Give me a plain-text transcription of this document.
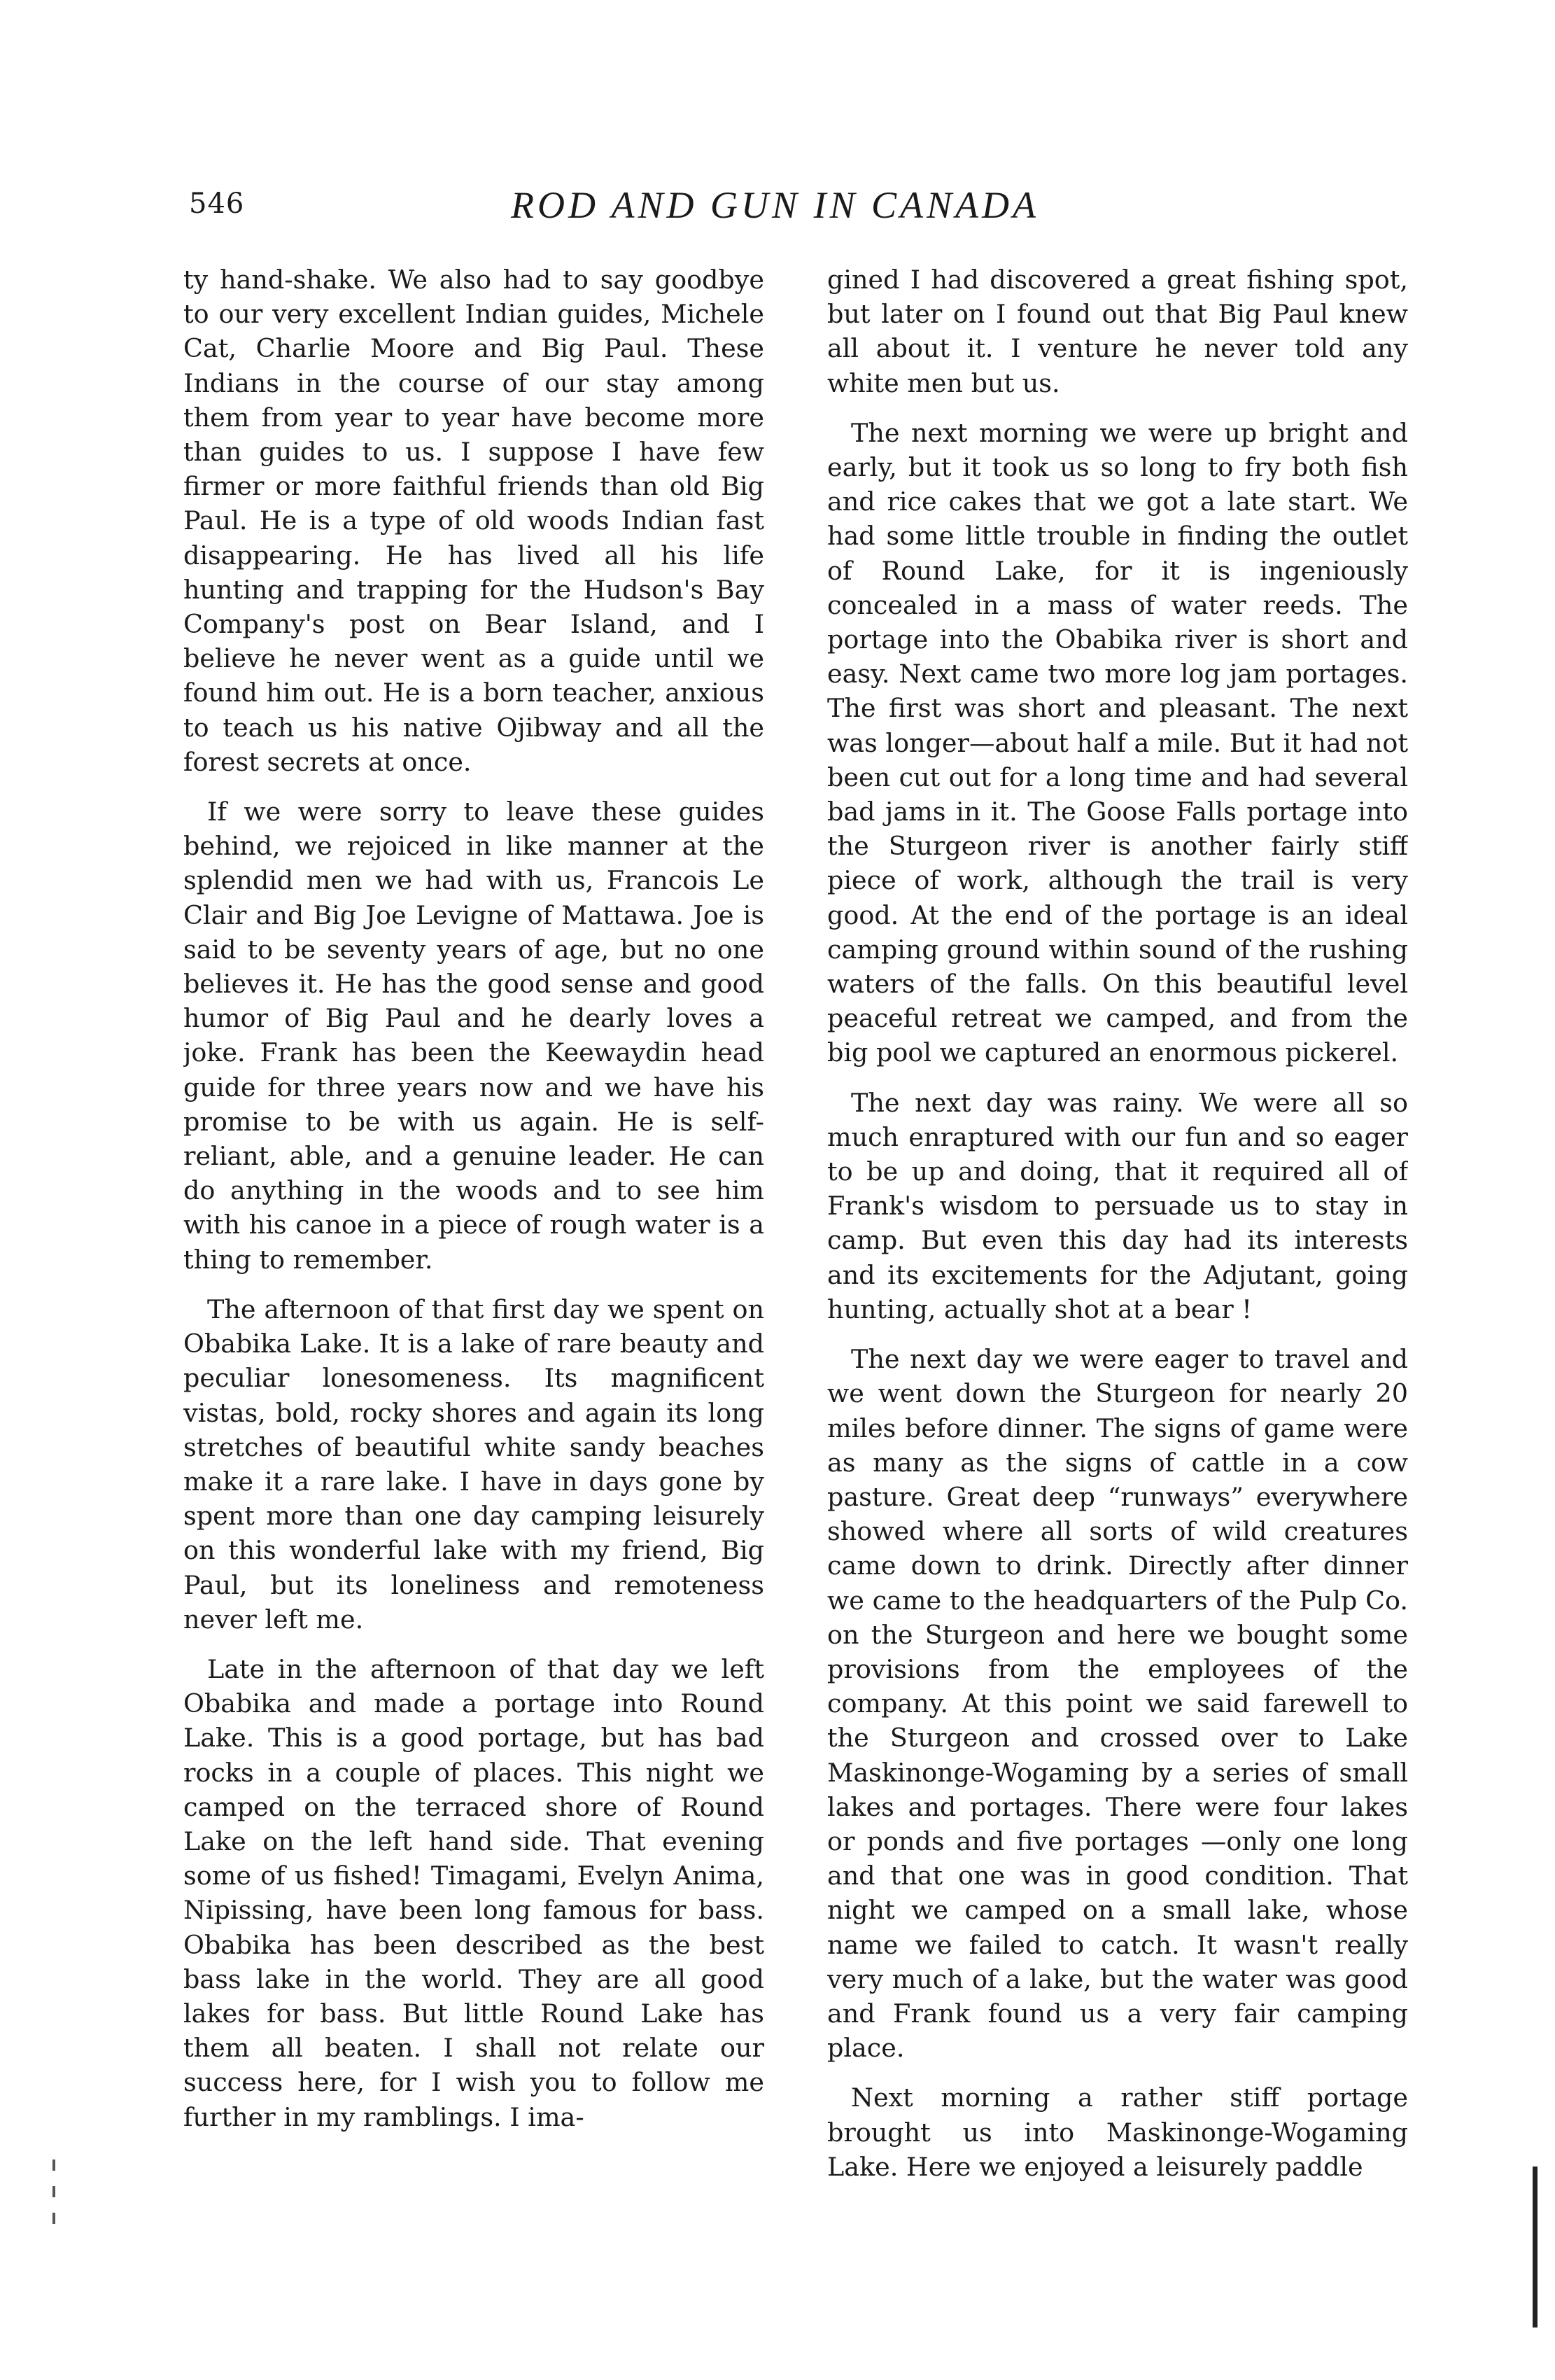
546	ROD AND GUN IN CANADA

ty hand-shake. We also had to say goodbye to our very excellent Indian guides, Michele Cat, Charlie Moore and Big Paul. These Indians in the course of our stay among them from year to year have become more than guides to us. I suppose I have few firmer or more faithful friends than old Big Paul. He is a type of old woods Indian fast disappearing. He has lived all his life hunting and trapping for the Hudson's Bay Company's post on Bear Island, and I believe he never went as a guide until we found him out. He is a born teacher, anxious to teach us his native Ojibway and all the forest secrets at once.

If we were sorry to leave these guides behind, we rejoiced in like manner at the splendid men we had with us, Francois Le Clair and Big Joe Levigne of Mattawa. Joe is said to be seventy years of age, but no one believes it. He has the good sense and good humor of Big Paul and he dearly loves a joke. Frank has been the Keewaydin head guide for three years now and we have his promise to be with us again. He is self-reliant, able, and a genuine leader. He can do anything in the woods and to see him with his canoe in a piece of rough water is a thing to remember.

The afternoon of that first day we spent on Obabika Lake. It is a lake of rare beauty and peculiar lonesomeness. Its magnificent vistas, bold, rocky shores and again its long stretches of beautiful white sandy beaches make it a rare lake. I have in days gone by spent more than one day camping leisurely on this wonderful lake with my friend, Big Paul, but its loneliness and remoteness never left me.

Late in the afternoon of that day we left Obabika and made a portage into Round Lake. This is a good portage, but has bad rocks in a couple of places. This night we camped on the terraced shore of Round Lake on the left hand side. That evening some of us fished! Timagami, Evelyn Anima, Nipissing, have been long famous for bass. Obabika has been described as the best bass lake in the world. They are all good lakes for bass. But little Round Lake has them all beaten. I shall not relate our success here, for I wish you to follow me further in my ramblings. I ima-

gined I had discovered a great fishing spot, but later on I found out that Big Paul knew all about it. I venture he never told any white men but us.

The next morning we were up bright and early, but it took us so long to fry both fish and rice cakes that we got a late start. We had some little trouble in finding the outlet of Round Lake, for it is ingeniously concealed in a mass of water reeds. The portage into the Obabika river is short and easy. Next came two more log jam portages. The first was short and pleasant. The next was longer—about half a mile. But it had not been cut out for a long time and had several bad jams in it. The Goose Falls portage into the Sturgeon river is another fairly stiff piece of work, although the trail is very good. At the end of the portage is an ideal camping ground within sound of the rushing waters of the falls. On this beautiful level peaceful retreat we camped, and from the big pool we captured an enormous pickerel.

The next day was rainy. We were all so much enraptured with our fun and so eager to be up and doing, that it required all of Frank's wisdom to persuade us to stay in camp. But even this day had its interests and its excitements for the Adjutant, going hunting, actually shot at a bear !

The next day we were eager to travel and we went down the Sturgeon for nearly 20 miles before dinner. The signs of game were as many as the signs of cattle in a cow pasture. Great deep “runways” everywhere showed where all sorts of wild creatures came down to drink. Directly after dinner we came to the headquarters of the Pulp Co. on the Sturgeon and here we bought some provisions from the employees of the company. At this point we said farewell to the Sturgeon and crossed over to Lake Maskinonge-Wogaming by a series of small lakes and portages. There were four lakes or ponds and five portages —only one long and that one was in good condition. That night we camped on a small lake, whose name we failed to catch. It wasn't really very much of a lake, but the water was good and Frank found us a very fair camping place.

Next morning a rather stiff portage brought us into Maskinonge-Wogaming Lake. Here we enjoyed a leisurely paddle
